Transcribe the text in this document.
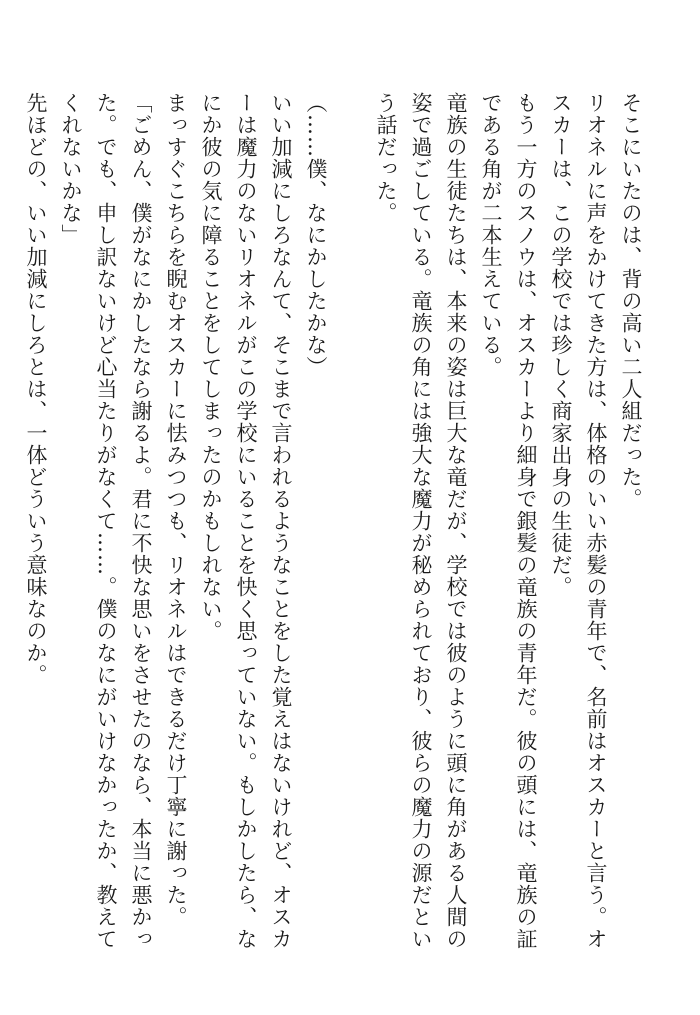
そこにいたのは、背の高い二人組だった。

リオネルに声をかけてきた方は、体格のいい赤髪の青年で、名前はオスカーと言う。オスカーは、この学校では珍しく商家出身の生徒だ。

もう一方のスノウは、オスカーより細身で銀髪の竜族の青年だ。彼の頭には、竜族の証である角が二本生えている。

竜族の生徒たちは、本来の姿は巨大な竜だが、学校では彼のように頭に角がある人間の姿で過ごしている。竜族の角には強大な魔力が秘められており、彼らの魔力の源だという話だった。

（……僕、なにかしたかな）

いい加減にしろなんて、そこまで言われるようなことをした覚えはないけれど、オスカーは魔力のないリオネルがこの学校にいることを快く思っていない。もしかしたら、なにか彼の気に障ることをしてしまったのかもしれない。

まっすぐこちらを睨むオスカーに怯みつつも、リオネルはできるだけ丁寧に謝った。

「ごめん、僕がなにかしたなら謝るよ。君に不快な思いをさせたのなら、本当に悪かった。でも、申し訳ないけど心当たりがなくて……。僕のなにがいけなかったか、教えてくれないかな」

先ほどの、いい加減にしろとは、一体どういう意味なのか。
